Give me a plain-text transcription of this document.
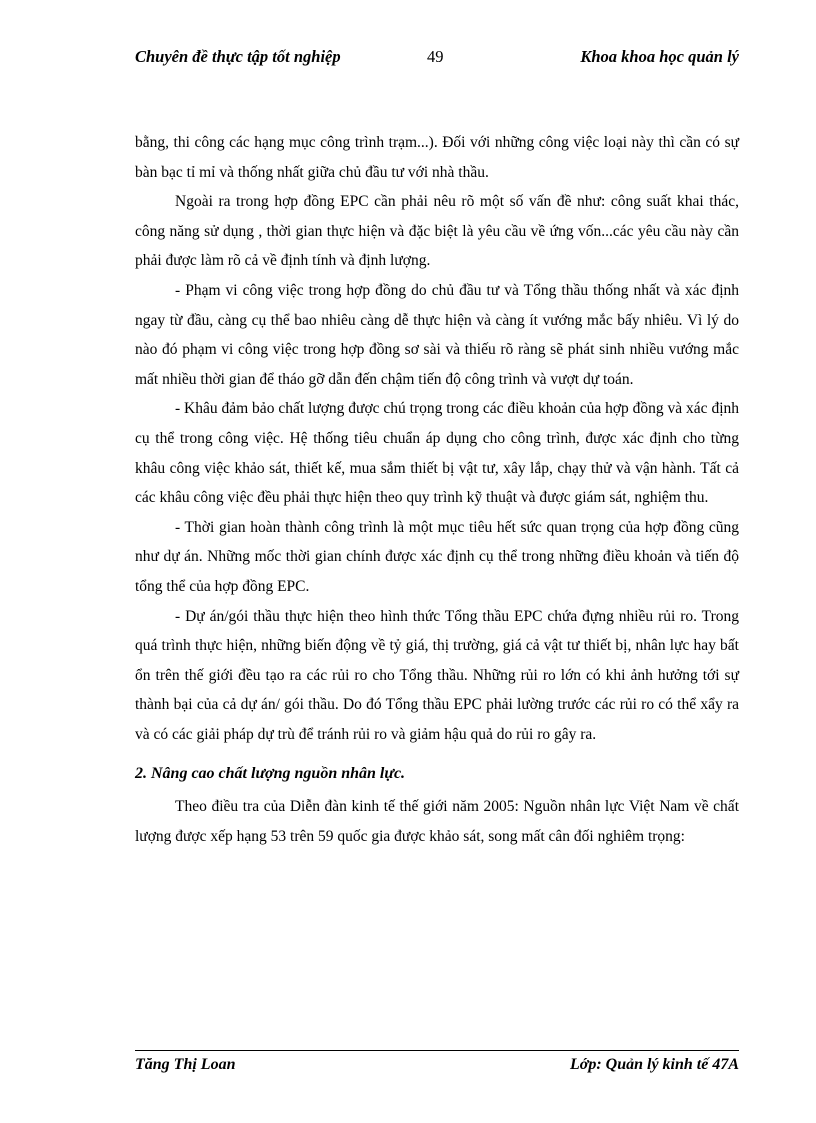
Chuyên đề thực tập tốt nghiệp	49	Khoa khoa học quản lý

bằng, thi công các hạng mục công trình trạm...). Đối với những công việc loại này thì cần có sự bàn bạc tỉ mỉ và thống nhất giữa chủ đầu tư với nhà thầu.

Ngoài ra trong hợp đồng EPC cần phải nêu rõ một số vấn đề như: công suất khai thác, công năng sử dụng , thời gian thực hiện và đặc biệt là yêu cầu về ứng vốn...các yêu cầu này cần phải được làm rõ cả về định tính và định lượng.

- Phạm vi công việc trong hợp đồng do chủ đầu tư và Tổng thầu thống nhất và xác định ngay từ đầu, càng cụ thể bao nhiêu càng dễ thực hiện và càng ít vướng mắc bấy nhiêu. Vì lý do nào đó phạm vi công việc trong hợp đồng sơ sài và thiếu rõ ràng sẽ phát sinh nhiều vướng mắc mất nhiều thời gian để tháo gỡ dẫn đến chậm tiến độ công trình và vượt dự toán.

- Khâu đảm bảo chất lượng được chú trọng trong các điều khoản của hợp đồng và xác định cụ thể trong công việc. Hệ thống tiêu chuẩn áp dụng cho công trình, được xác định cho từng khâu công việc khảo sát, thiết kế, mua sắm thiết bị vật tư, xây lắp, chạy thử và vận hành. Tất cả các khâu công việc đều phải thực hiện theo quy trình kỹ thuật và được giám sát, nghiệm thu.

- Thời gian hoàn thành công trình là một mục tiêu hết sức quan trọng của hợp đồng cũng như dự án. Những mốc thời gian chính được xác định cụ thể trong những điều khoản và tiến độ tổng thể của hợp đồng EPC.

- Dự án/gói thầu thực hiện theo hình thức Tổng thầu EPC chứa đựng nhiều rủi ro. Trong quá trình thực hiện, những biến động về tỷ giá, thị trường, giá cả vật tư thiết bị, nhân lực hay bất ổn trên thế giới đều tạo ra các rủi ro cho Tổng thầu. Những rủi ro lớn có khi ảnh hưởng tới sự thành bại của cả dự án/ gói thầu. Do đó Tổng thầu EPC phải lường trước các rủi ro có thể xẩy ra và có các giải pháp dự trù để tránh rủi ro và giảm hậu quả do rủi ro gây ra.

2. Nâng cao chất lượng nguồn nhân lực.

Theo điều tra của Diễn đàn kinh tế thế giới năm 2005: Nguồn nhân lực Việt Nam về chất lượng được xếp hạng 53 trên 59 quốc gia được khảo sát, song mất cân đối nghiêm trọng:

Tăng Thị Loan	Lớp: Quản lý kinh tế 47A
